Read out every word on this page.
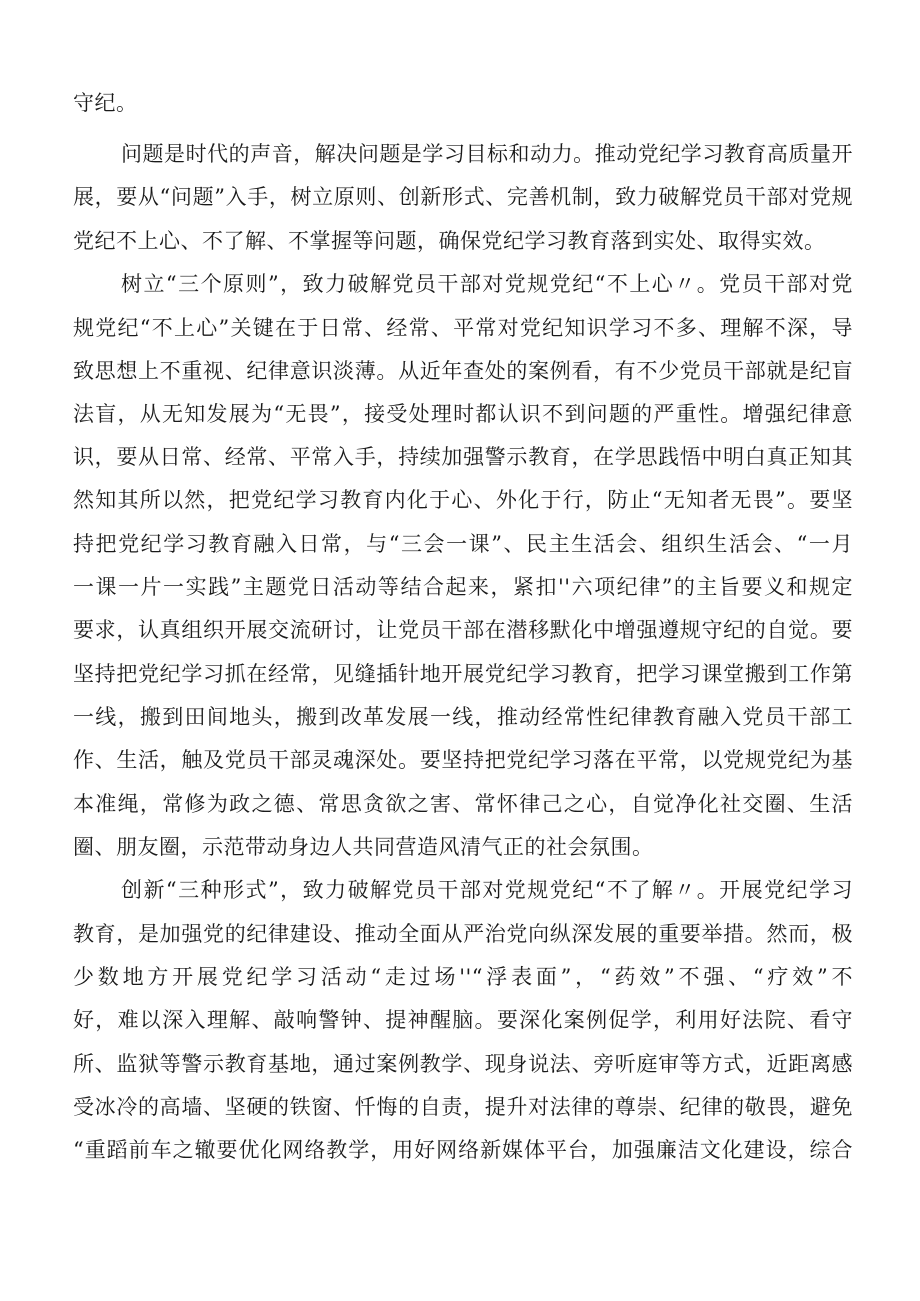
守纪。
问题是时代的声音，解决问题是学习目标和动力。推动党纪学习教育高质量开
展，要从“问题”入手，树立原则、创新形式、完善机制，致力破解党员干部对党规
党纪不上心、不了解、不掌握等问题，确保党纪学习教育落到实处、取得实效。
树立“三个原则”，致力破解党员干部对党规党纪“不上心〃。党员干部对党
规党纪“不上心”关键在于日常、经常、平常对党纪知识学习不多、理解不深，导
致思想上不重视、纪律意识淡薄。从近年查处的案例看，有不少党员干部就是纪盲
法盲，从无知发展为“无畏”，接受处理时都认识不到问题的严重性。增强纪律意
识，要从日常、经常、平常入手，持续加强警示教育，在学思践悟中明白真正知其
然知其所以然，把党纪学习教育内化于心、外化于行，防止“无知者无畏”。要坚
持把党纪学习教育融入日常，与“三会一课”、民主生活会、组织生活会、“一月
一课一片一实践”主题党日活动等结合起来，紧扣''六项纪律”的主旨要义和规定
要求，认真组织开展交流研讨，让党员干部在潜移默化中增强遵规守纪的自觉。要
坚持把党纪学习抓在经常，见缝插针地开展党纪学习教育，把学习课堂搬到工作第
一线，搬到田间地头，搬到改革发展一线，推动经常性纪律教育融入党员干部工
作、生活，触及党员干部灵魂深处。要坚持把党纪学习落在平常，以党规党纪为基
本准绳，常修为政之德、常思贪欲之害、常怀律己之心，自觉净化社交圈、生活
圈、朋友圈，示范带动身边人共同营造风清气正的社会氛围。
创新“三种形式”，致力破解党员干部对党规党纪“不了解〃。开展党纪学习
教育，是加强党的纪律建设、推动全面从严治党向纵深发展的重要举措。然而，极
少数地方开展党纪学习活动“走过场''“浮表面”，“药效”不强、“疗效”不
好，难以深入理解、敲响警钟、提神醒脑。要深化案例促学，利用好法院、看守
所、监狱等警示教育基地，通过案例教学、现身说法、旁听庭审等方式，近距离感
受冰冷的高墙、坚硬的铁窗、忏悔的自责，提升对法律的尊崇、纪律的敬畏，避免
“重蹈前车之辙要优化网络教学，用好网络新媒体平台，加强廉洁文化建设，综合
